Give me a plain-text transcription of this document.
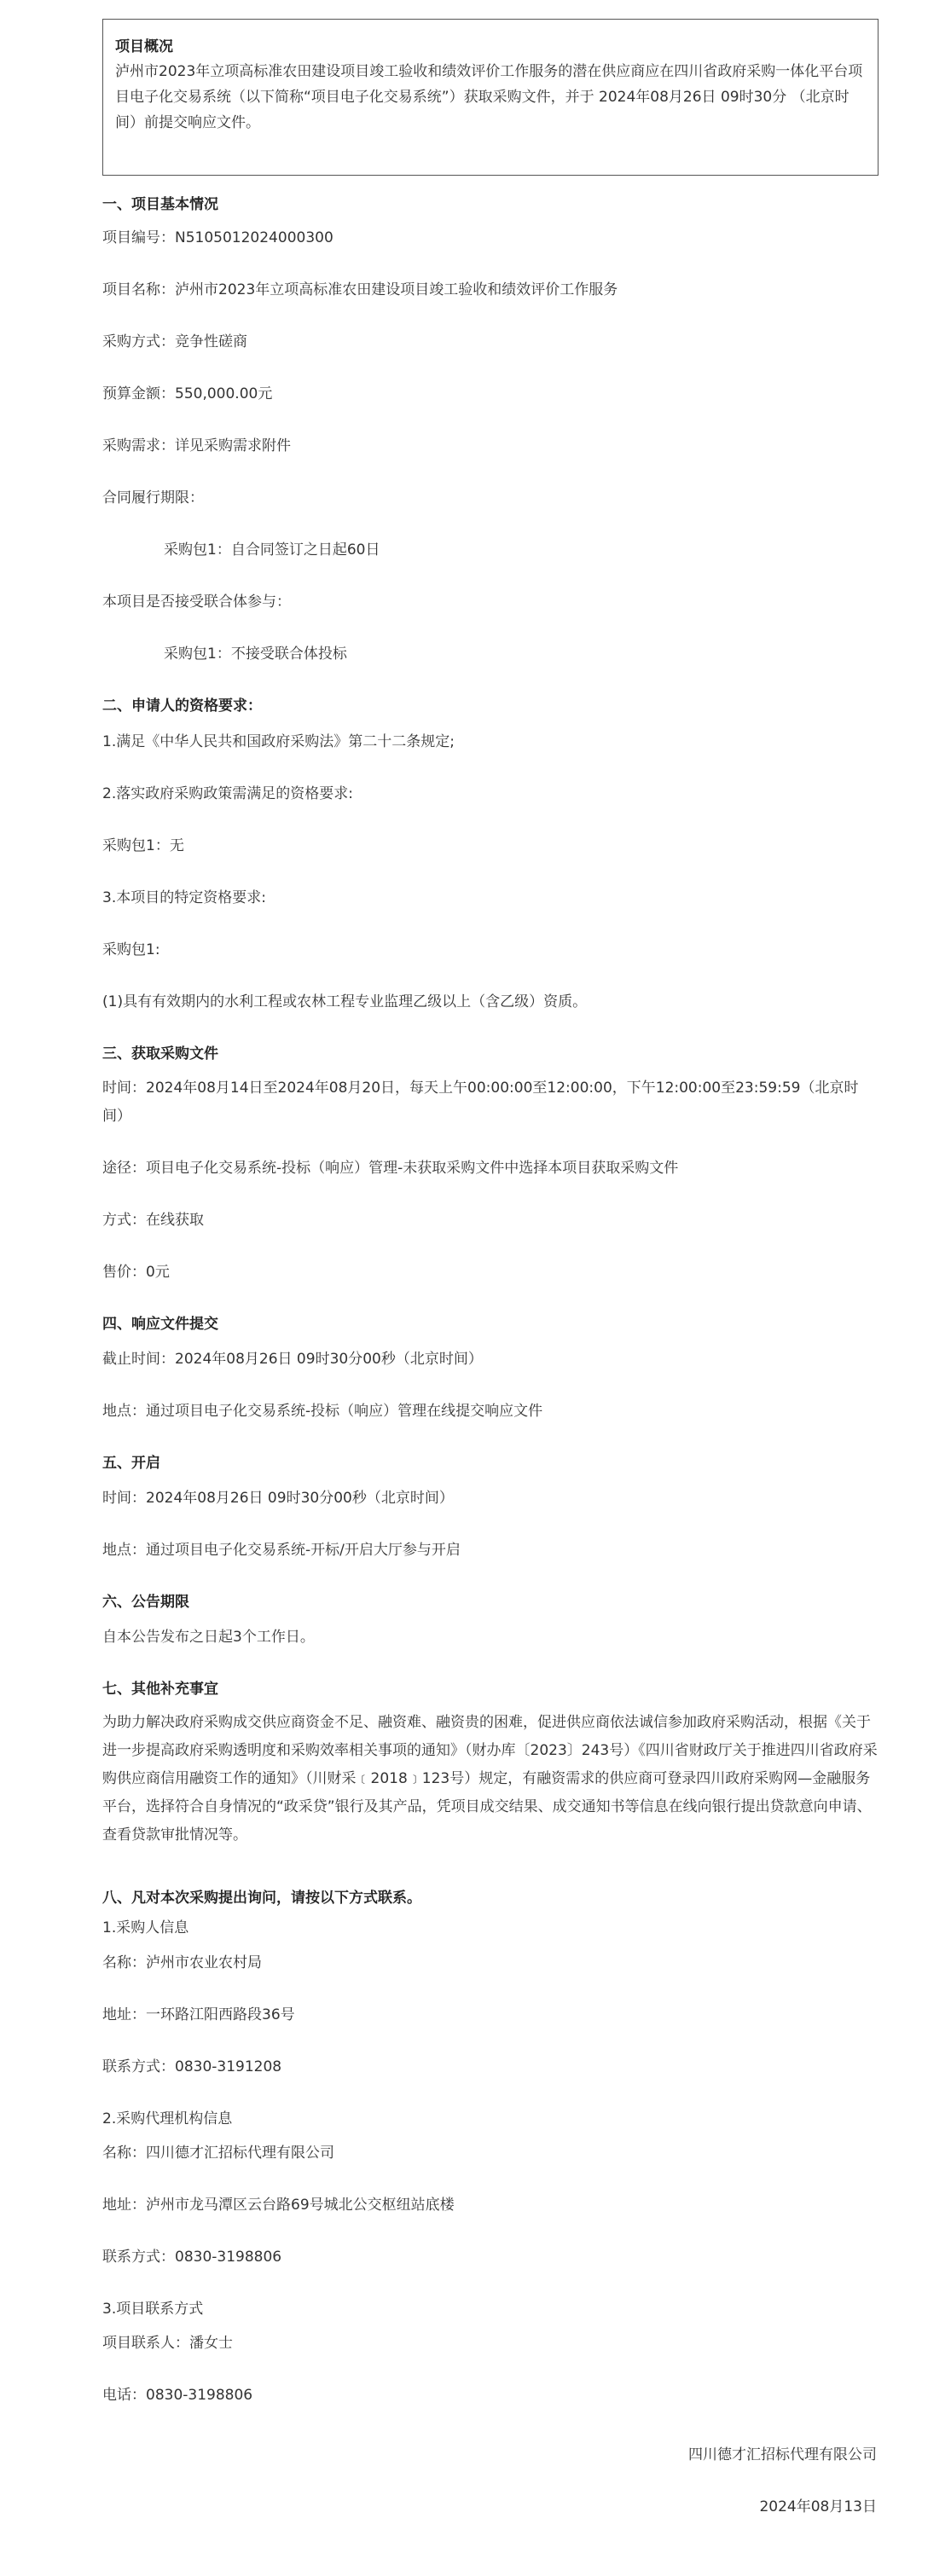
项目概况
泸州市2023年立项高标准农田建设项目竣工验收和绩效评价工作服务的潜在供应商应在四川省政府采购一体化平台项目电子化交易系统（以下简称“项目电子化交易系统”）获取采购文件，并于 2024年08月26日 09时30分 （北京时间）前提交响应文件。
一、项目基本情况
项目编号：N5105012024000300
项目名称：泸州市2023年立项高标准农田建设项目竣工验收和绩效评价工作服务
采购方式：竞争性磋商
预算金额：550,000.00元
采购需求：详见采购需求附件
合同履行期限：
采购包1：自合同签订之日起60日
本项目是否接受联合体参与：
采购包1：不接受联合体投标
二、申请人的资格要求：
1.满足《中华人民共和国政府采购法》第二十二条规定;
2.落实政府采购政策需满足的资格要求:
采购包1：无
3.本项目的特定资格要求:
采购包1:
(1)具有有效期内的水利工程或农林工程专业监理乙级以上（含乙级）资质。
三、获取采购文件
时间：2024年08月14日至2024年08月20日，每天上午00:00:00至12:00:00，下午12:00:00至23:59:59（北京时间）
途径：项目电子化交易系统-投标（响应）管理-未获取采购文件中选择本项目获取采购文件
方式：在线获取
售价：0元
四、响应文件提交
截止时间：2024年08月26日 09时30分00秒（北京时间）
地点：通过项目电子化交易系统-投标（响应）管理在线提交响应文件
五、开启
时间：2024年08月26日 09时30分00秒（北京时间）
地点：通过项目电子化交易系统-开标/开启大厅参与开启
六、公告期限
自本公告发布之日起3个工作日。
七、其他补充事宜
为助力解决政府采购成交供应商资金不足、融资难、融资贵的困难，促进供应商依法诚信参加政府采购活动，根据《关于进一步提高政府采购透明度和采购效率相关事项的通知》（财办库〔2023〕243号）《四川省财政厅关于推进四川省政府采购供应商信用融资工作的通知》（川财采﹝2018﹞123号）规定，有融资需求的供应商可登录四川政府采购网—金融服务平台，选择符合自身情况的“政采贷”银行及其产品，凭项目成交结果、成交通知书等信息在线向银行提出贷款意向申请、查看贷款审批情况等。
八、凡对本次采购提出询问，请按以下方式联系。
1.采购人信息
名称：泸州市农业农村局
地址：一环路江阳西路段36号
联系方式：0830-3191208
2.采购代理机构信息
名称：四川德才汇招标代理有限公司
地址：泸州市龙马潭区云台路69号城北公交枢纽站底楼
联系方式：0830-3198806
3.项目联系方式
项目联系人：潘女士
电话：0830-3198806
四川德才汇招标代理有限公司
2024年08月13日
